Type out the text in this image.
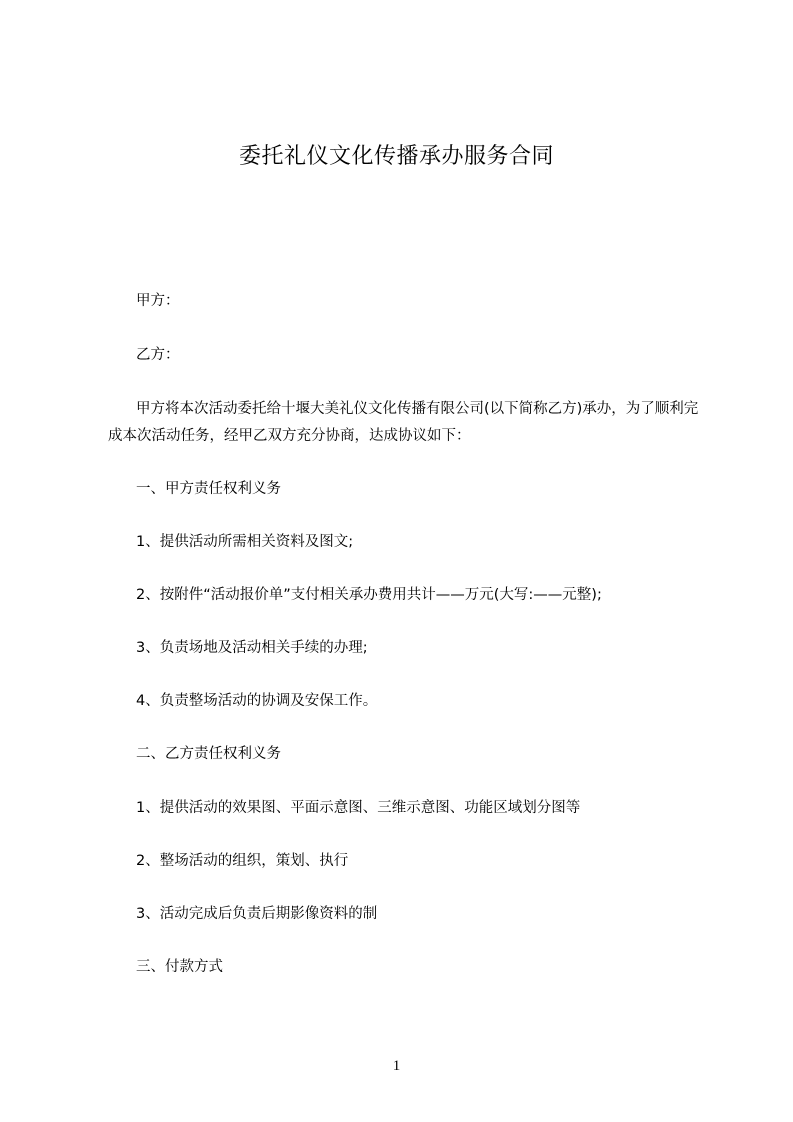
委托礼仪文化传播承办服务合同
甲方：
乙方：
甲方将本次活动委托给十堰大美礼仪文化传播有限公司(以下简称乙方)承办，为了顺利完成本次活动任务，经甲乙双方充分协商，达成协议如下：
一、甲方责任权利义务
1、提供活动所需相关资料及图文;
2、按附件“活动报价单”支付相关承办费用共计——万元(大写:——元整);
3、负责场地及活动相关手续的办理;
4、负责整场活动的协调及安保工作。
二、乙方责任权利义务
1、提供活动的效果图、平面示意图、三维示意图、功能区域划分图等
2、整场活动的组织，策划、执行
3、活动完成后负责后期影像资料的制
三、付款方式
1
